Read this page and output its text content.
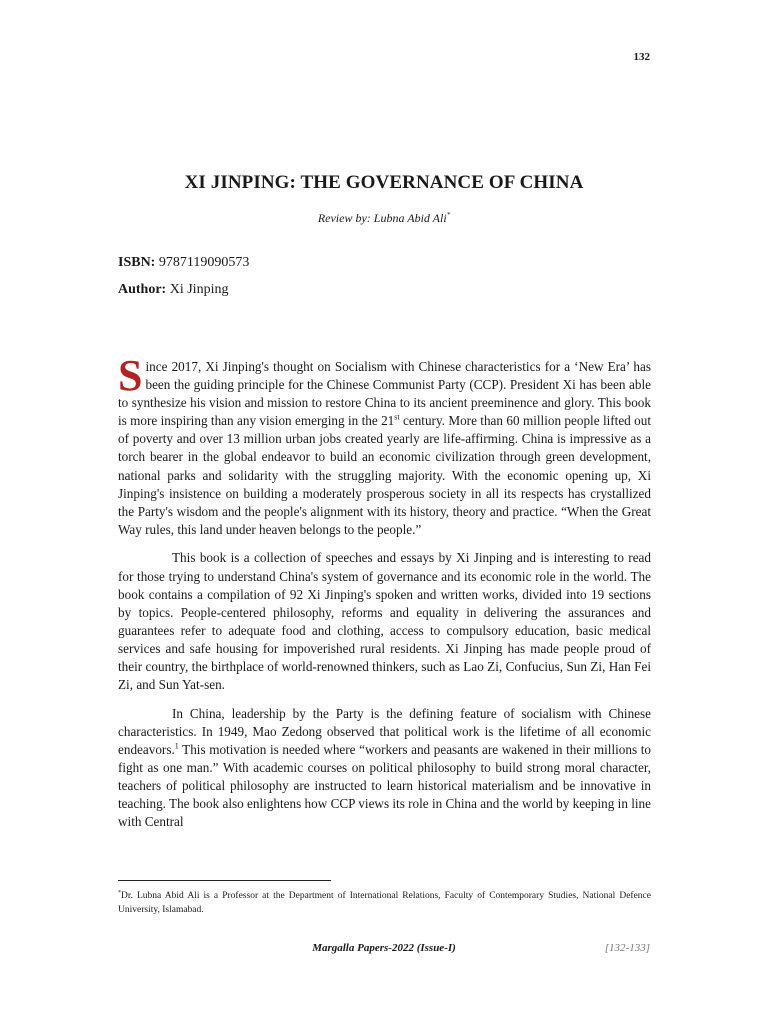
132
XI JINPING: THE GOVERNANCE OF CHINA
Review by: Lubna Abid Ali*
ISBN: 9787119090573
Author: Xi Jinping

Since 2017, Xi Jinping's thought on Socialism with Chinese characteristics for a ‘New Era’ has been the guiding principle for the Chinese Communist Party (CCP). President Xi has been able to synthesize his vision and mission to restore China to its ancient preeminence and glory. This book is more inspiring than any vision emerging in the 21st century. More than 60 million people lifted out of poverty and over 13 million urban jobs created yearly are life-affirming. China is impressive as a torch bearer in the global endeavor to build an economic civilization through green development, national parks and solidarity with the struggling majority. With the economic opening up, Xi Jinping's insistence on building a moderately prosperous society in all its respects has crystallized the Party's wisdom and the people's alignment with its history, theory and practice. “When the Great Way rules, this land under heaven belongs to the people.”

This book is a collection of speeches and essays by Xi Jinping and is interesting to read for those trying to understand China's system of governance and its economic role in the world. The book contains a compilation of 92 Xi Jinping's spoken and written works, divided into 19 sections by topics. People-centered philosophy, reforms and equality in delivering the assurances and guarantees refer to adequate food and clothing, access to compulsory education, basic medical services and safe housing for impoverished rural residents. Xi Jinping has made people proud of their country, the birthplace of world-renowned thinkers, such as Lao Zi, Confucius, Sun Zi, Han Fei Zi, and Sun Yat-sen.

In China, leadership by the Party is the defining feature of socialism with Chinese characteristics. In 1949, Mao Zedong observed that political work is the lifetime of all economic endeavors.$^1$ This motivation is needed where “workers and peasants are wakened in their millions to fight as one man.” With academic courses on political philosophy to build strong moral character, teachers of political philosophy are instructed to learn historical materialism and be innovative in teaching. The book also enlightens how CCP views its role in China and the world by keeping in line with Central

*Dr. Lubna Abid Ali is a Professor at the Department of International Relations, Faculty of Contemporary Studies, National Defence University, Islamabad.
Margalla Papers-2022 (Issue-I)	[132-133]
